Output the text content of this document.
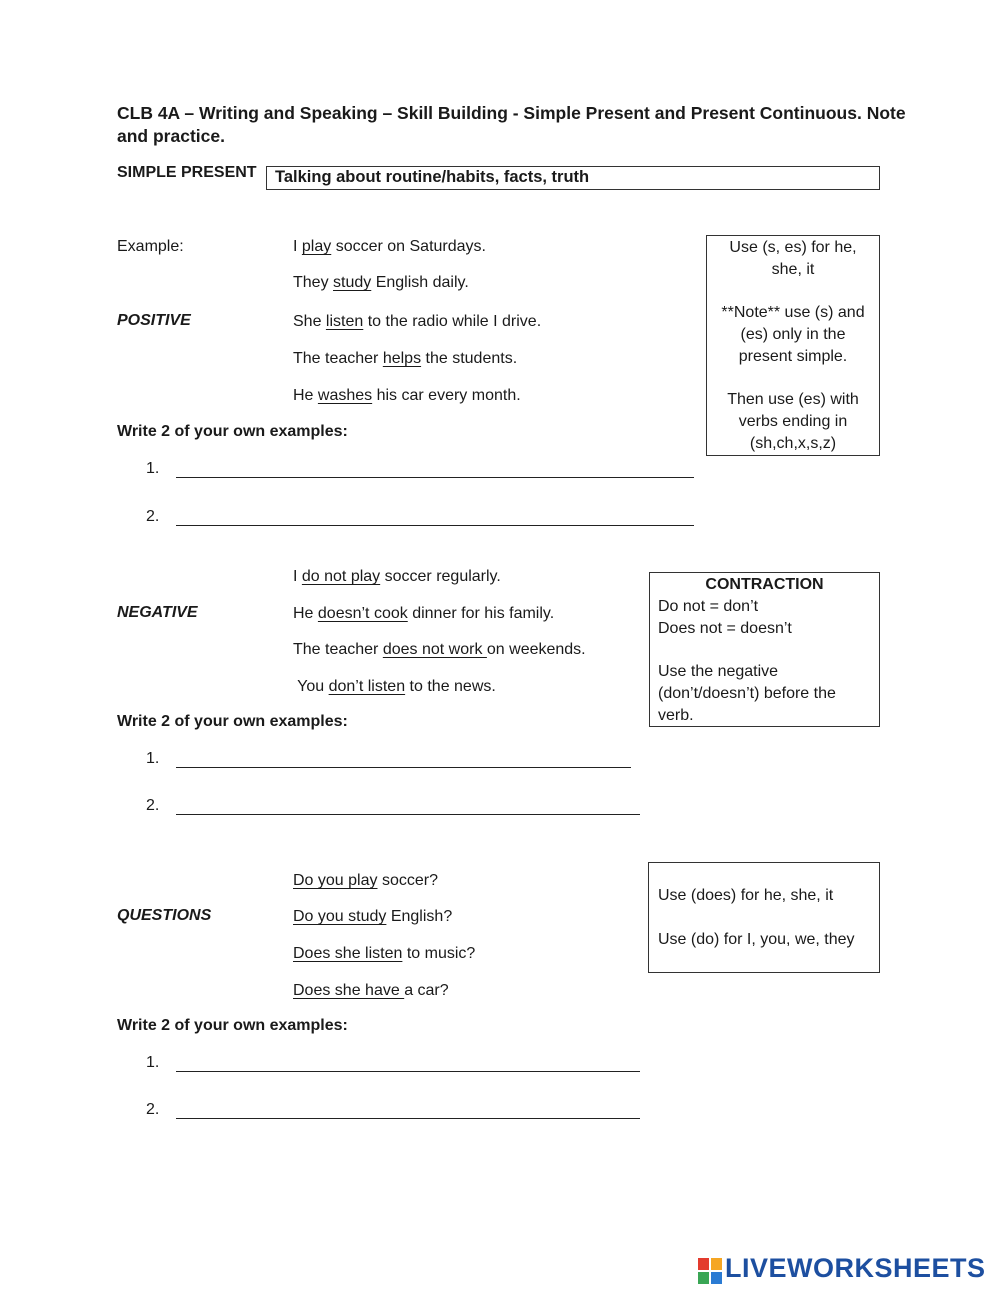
CLB 4A – Writing and Speaking – Skill Building - Simple Present and Present Continuous. Note and practice.
SIMPLE PRESENT	Talking about routine/habits, facts, truth
Example:
POSITIVE
I play soccer on Saturdays.
They study English daily.
She listen to the radio while I drive.
The teacher helps the students.
He washes his car every month.
Use (s, es) for he, she, it
**Note** use (s) and (es) only in the present simple.
Then use (es) with verbs ending in (sh,ch,x,s,z)
Write 2 of your own examples:
1.
2.
NEGATIVE
I do not play soccer regularly.
He doesn’t cook dinner for his family.
The teacher does not work on weekends.
You don’t listen to the news.
CONTRACTION
Do not = don’t
Does not = doesn’t
Use the negative (don’t/doesn’t) before the verb.
Write 2 of your own examples:
1.
2.
QUESTIONS
Do you play soccer?
Do you study English?
Does she listen to music?
Does she have a car?
Use (does) for he, she, it
Use (do) for I, you, we, they
Write 2 of your own examples:
1.
2.
LIVEWORKSHEETS
